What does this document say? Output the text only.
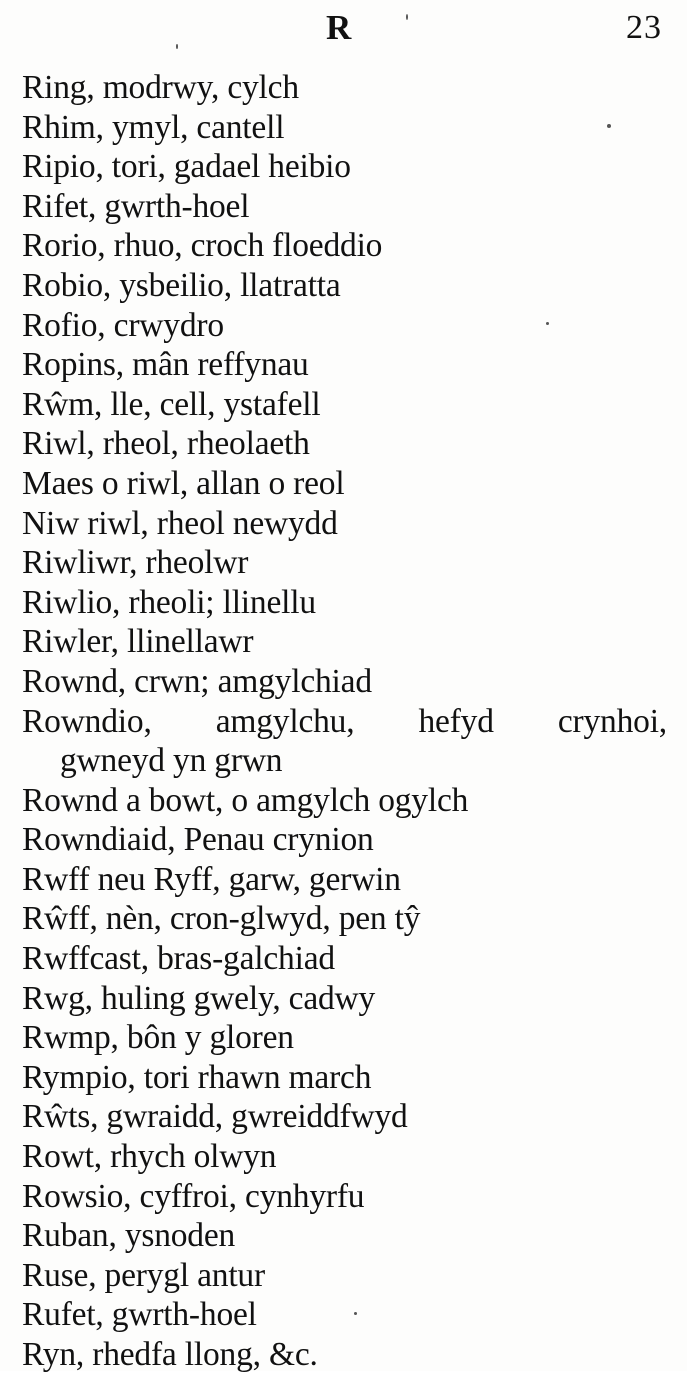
R	23
Ring, modrwy, cylch
Rhim, ymyl, cantell
Ripio, tori, gadael heibio
Rifet, gwrth-hoel
Rorio, rhuo, croch floeddio
Robio, ysbeilio, llatratta
Rofio, crwydro
Ropins, mân reffynau
Rŵm, lle, cell, ystafell
Riwl, rheol, rheolaeth
Maes o riwl, allan o reol
Niw riwl, rheol newydd
Riwliwr, rheolwr
Riwlio, rheoli; llinellu
Riwler, llinellawr
Rownd, crwn; amgylchiad
Rowndio, amgylchu, hefyd crynhoi,
gwneyd yn grwn
Rownd a bowt, o amgylch ogylch
Rowndiaid, Penau crynion
Rwff neu Ryff, garw, gerwin
Rŵff, nèn, cron-glwyd, pen tŷ
Rwffcast, bras-galchiad
Rwg, huling gwely, cadwy
Rwmp, bôn y gloren
Rympio, tori rhawn march
Rŵts, gwraidd, gwreiddfwyd
Rowt, rhych olwyn
Rowsio, cyffroi, cynhyrfu
Ruban, ysnoden
Ruse, perygl antur
Rufet, gwrth-hoel
Ryn, rhedfa llong, &c.
